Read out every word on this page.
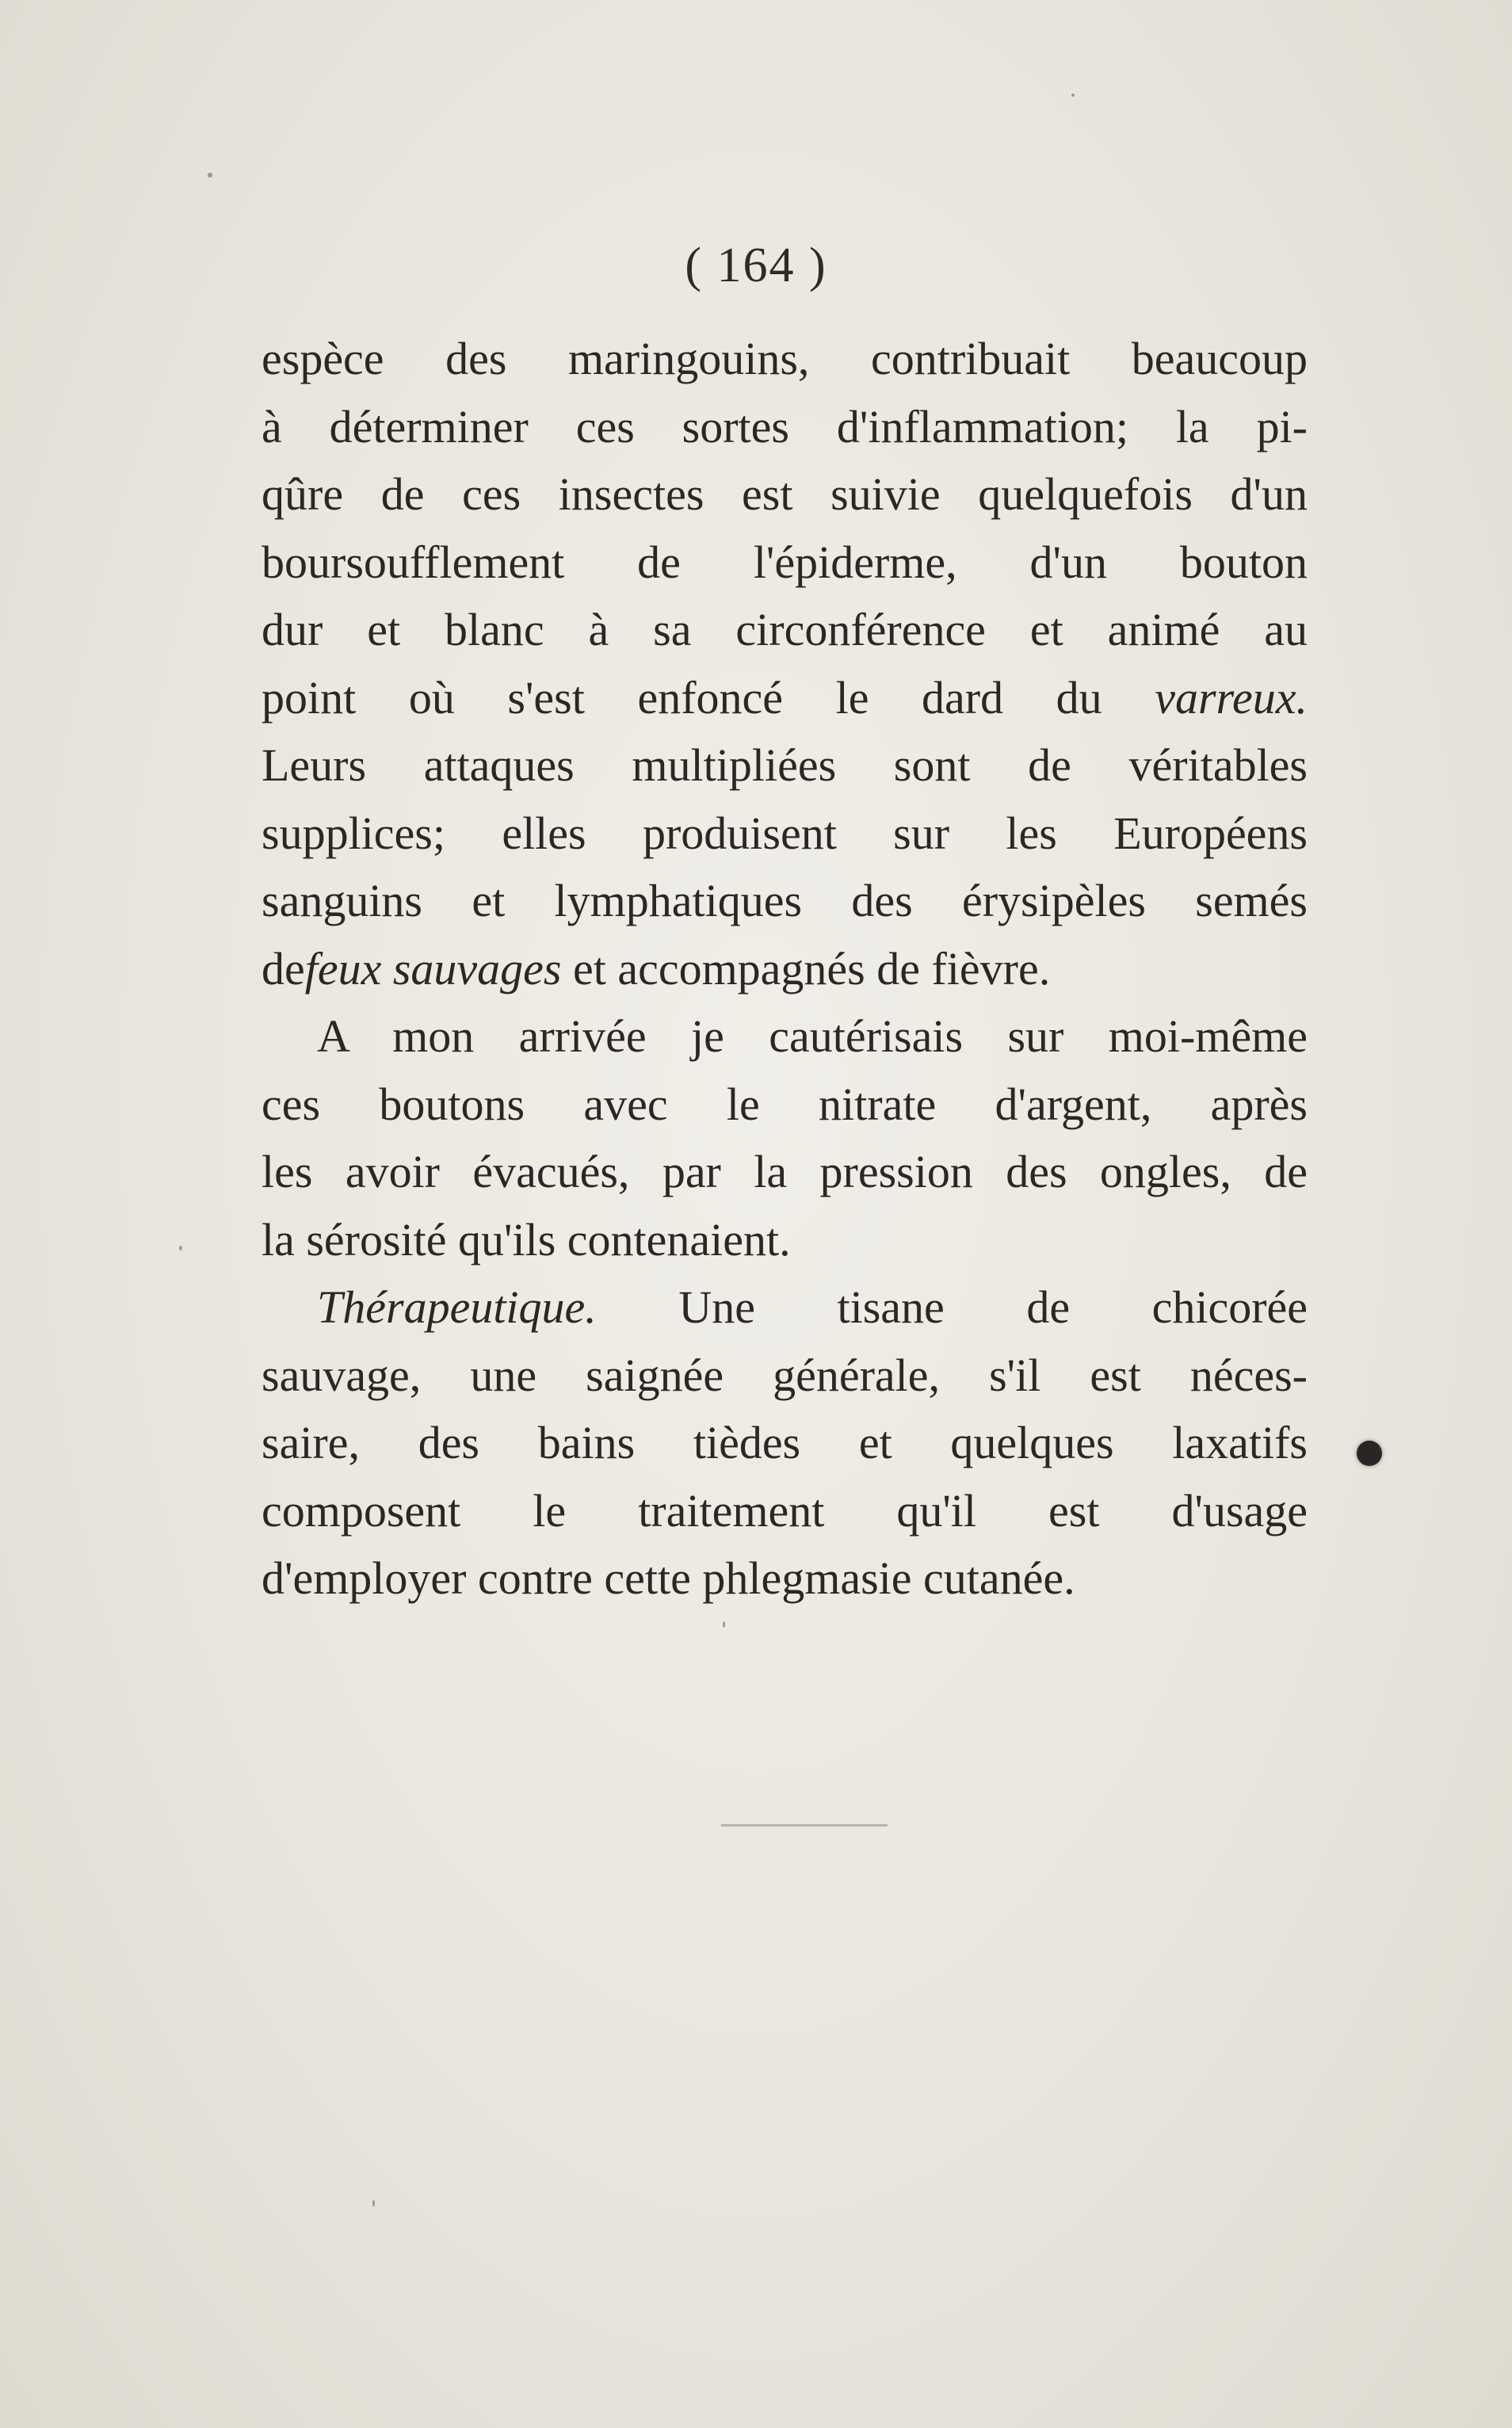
( 164 )
espèce des maringouins, contribuait beaucoup
à déterminer ces sortes d'inflammation; la pi-
qûre de ces insectes est suivie quelquefois d'un
boursoufflement de l'épiderme, d'un bouton
dur et blanc à sa circonférence et animé au
point où s'est enfoncé le dard du varreux.
Leurs attaques multipliées sont de véritables
supplices; elles produisent sur les Européens
sanguins et lymphatiques des érysipèles semés
defeux sauvages et accompagnés de fièvre.
A mon arrivée je cautérisais sur moi-même
ces boutons avec le nitrate d'argent, après
les avoir évacués, par la pression des ongles, de
la sérosité qu'ils contenaient.
Thérapeutique. Une tisane de chicorée
sauvage, une saignée générale, s'il est néces-
saire, des bains tièdes et quelques laxatifs
composent le traitement qu'il est d'usage
d'employer contre cette phlegmasie cutanée.
